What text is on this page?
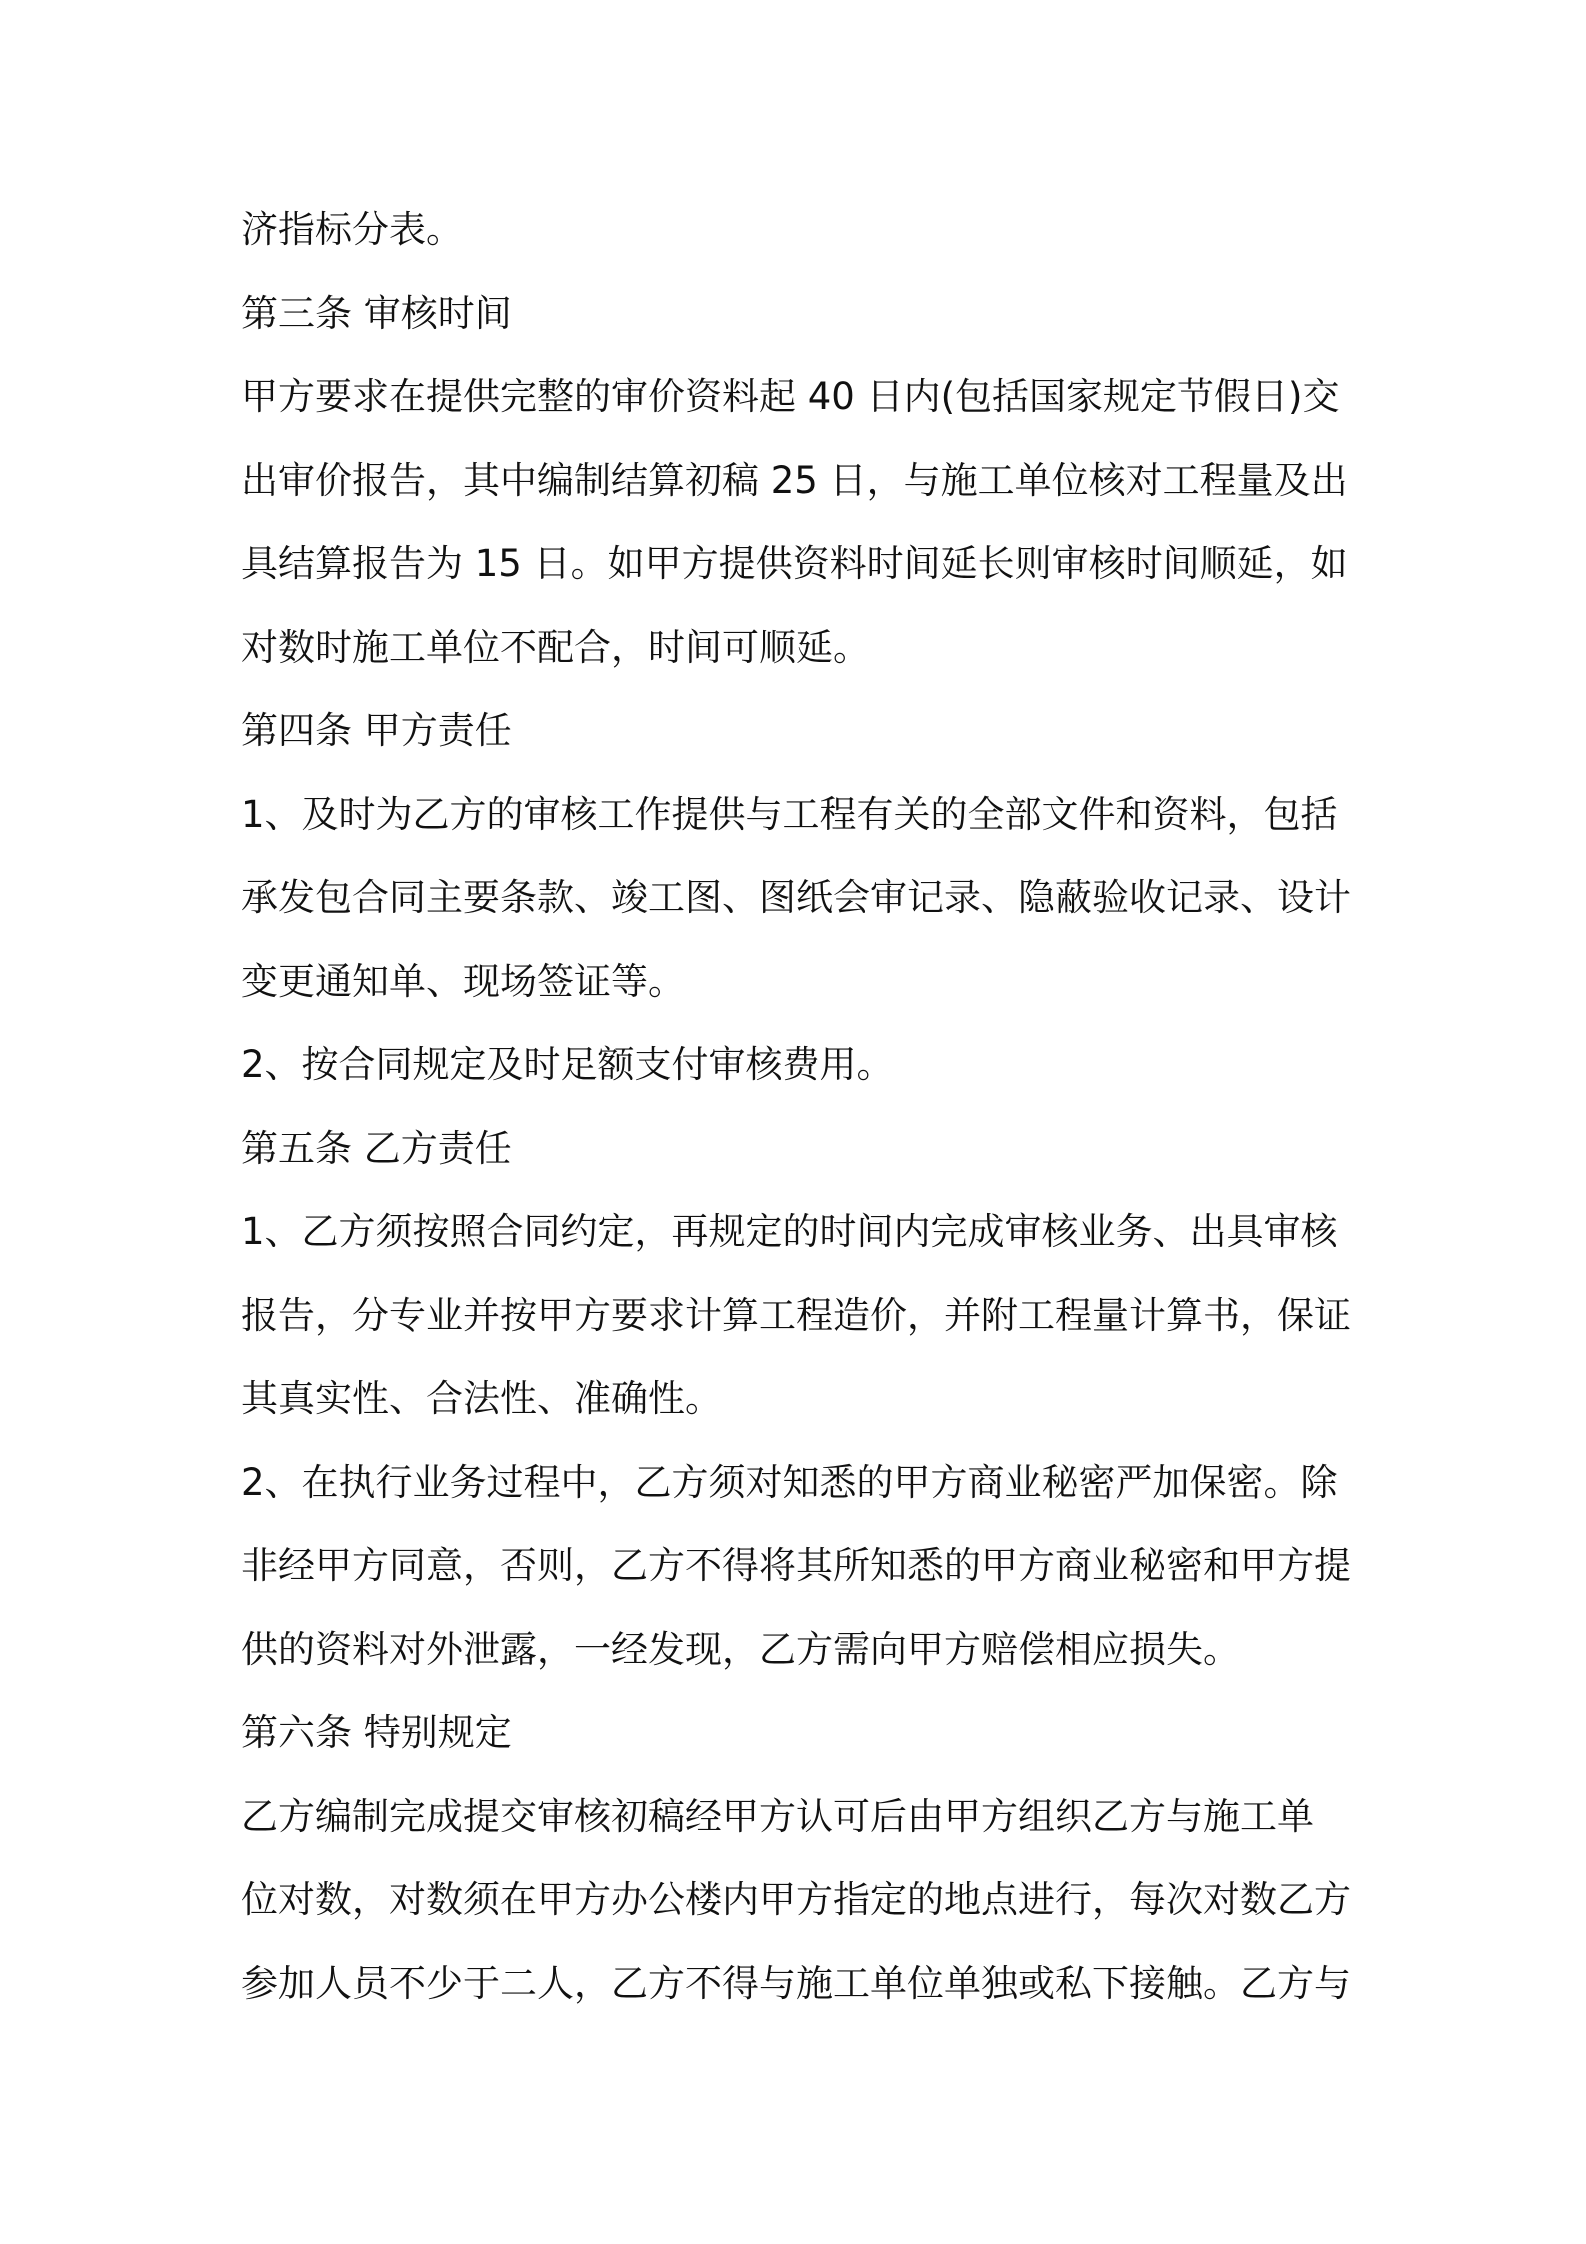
济指标分表。
第三条 审核时间
甲方要求在提供完整的审价资料起 40 日内(包括国家规定节假日)交
出审价报告，其中编制结算初稿 25 日，与施工单位核对工程量及出
具结算报告为 15 日。如甲方提供资料时间延长则审核时间顺延，如
对数时施工单位不配合，时间可顺延。
第四条 甲方责任
1、及时为乙方的审核工作提供与工程有关的全部文件和资料，包括
承发包合同主要条款、竣工图、图纸会审记录、隐蔽验收记录、设计
变更通知单、现场签证等。
2、按合同规定及时足额支付审核费用。
第五条 乙方责任
1、乙方须按照合同约定，再规定的时间内完成审核业务、出具审核
报告，分专业并按甲方要求计算工程造价，并附工程量计算书，保证
其真实性、合法性、准确性。
2、在执行业务过程中，乙方须对知悉的甲方商业秘密严加保密。除
非经甲方同意，否则，乙方不得将其所知悉的甲方商业秘密和甲方提
供的资料对外泄露，一经发现，乙方需向甲方赔偿相应损失。
第六条 特别规定
乙方编制完成提交审核初稿经甲方认可后由甲方组织乙方与施工单
位对数，对数须在甲方办公楼内甲方指定的地点进行，每次对数乙方
参加人员不少于二人，乙方不得与施工单位单独或私下接触。乙方与
